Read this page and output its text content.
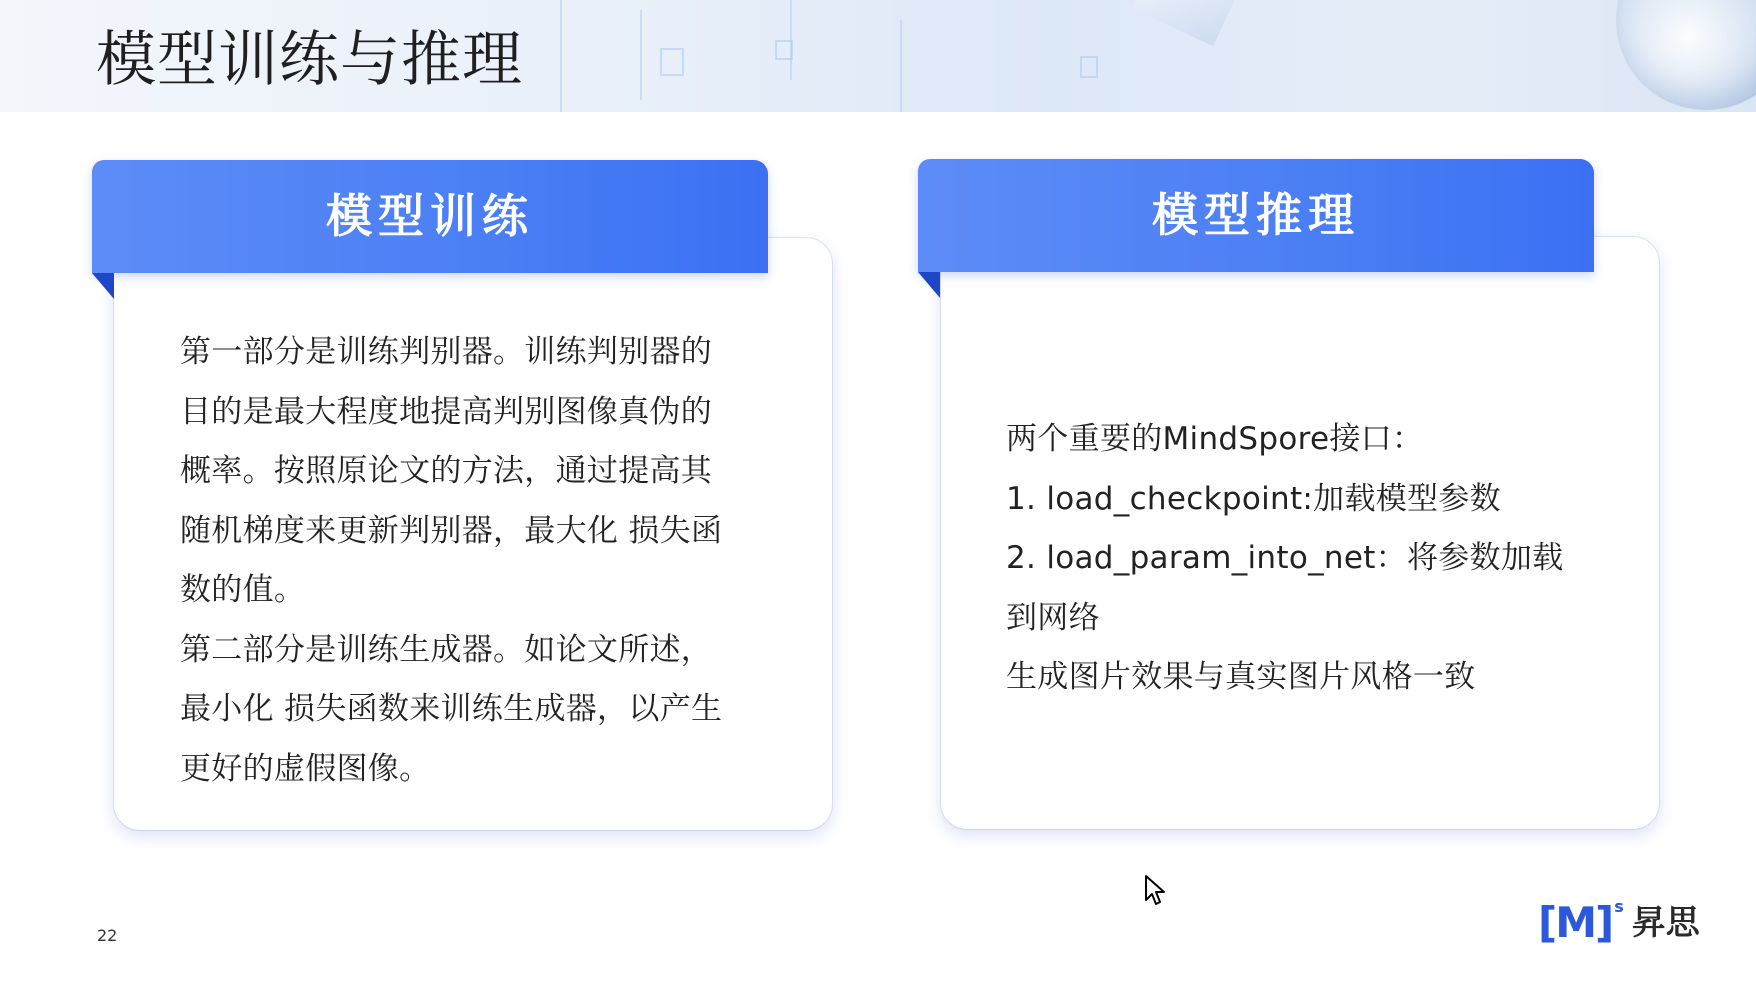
模型训练与推理
模型训练

第一部分是训练判别器。训练判别器的

目的是最大程度地提高判别图像真伪的

概率。按照原论文的方法，通过提高其

随机梯度来更新判别器，最大化 损失函

数的值。

第二部分是训练生成器。如论文所述，

最小化 损失函数来训练生成器，以产生

更好的虚假图像。

模型推理

两个重要的MindSpore接口：

1. load_checkpoint:加载模型参数

2. load_param_into_net：将参数加载

到网络

生成图片效果与真实图片风格一致

22	[M] s 昇思
